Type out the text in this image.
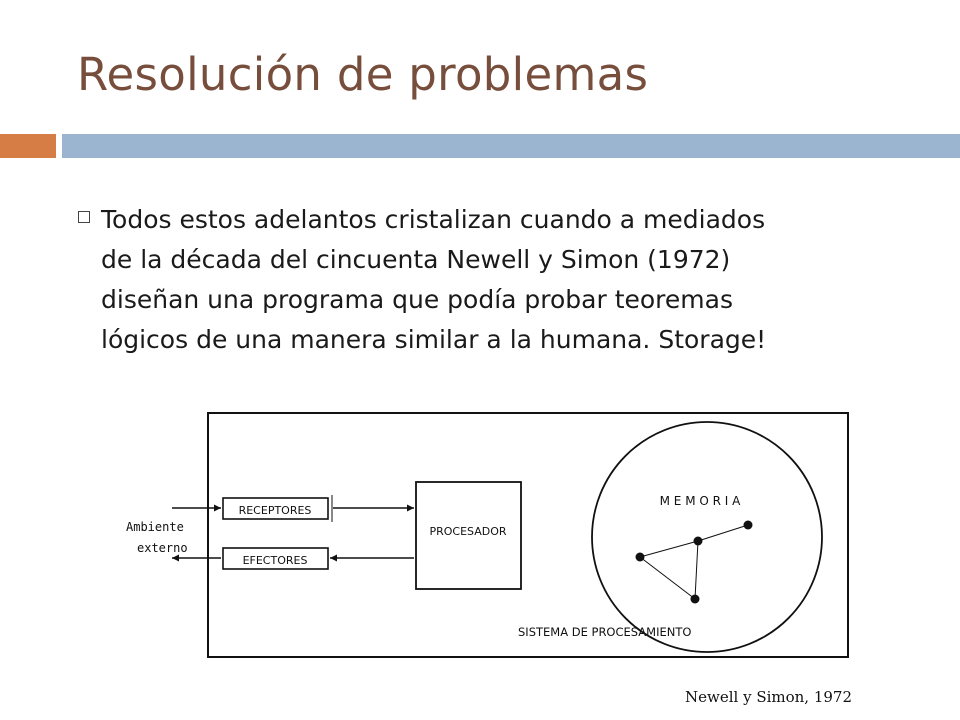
Resolución de problemas
Todos estos adelantos cristalizan cuando a mediados
de la década del cincuenta Newell y Simon (1972)
diseñan una programa que podía probar teoremas
lógicos de una manera similar a la humana. Storage!
RECEPTORES
EFECTORES
PROCESADOR
M E M O R I A
Ambiente
externo
SISTEMA DE PROCESAMIENTO
Newell y Simon, 1972
